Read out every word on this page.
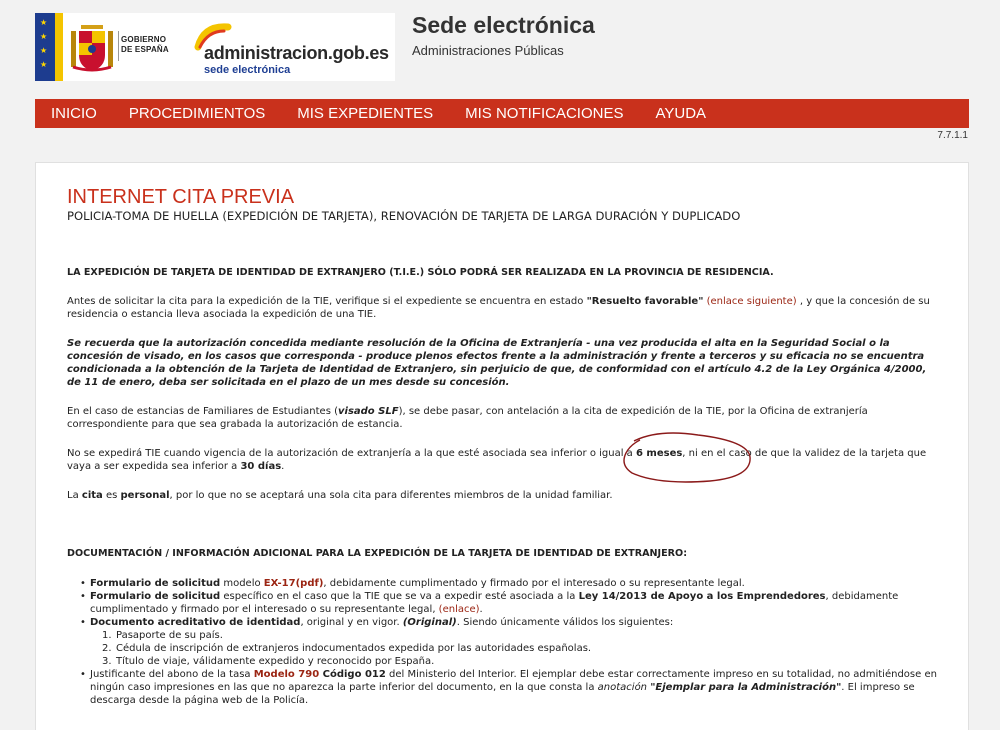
★
★
★
★
GOBIERNO
DE ESPAÑA administracion.gob.es
sede electrónica
Sede electrónica
Administraciones Públicas
INICIO PROCEDIMIENTOS MIS EXPEDIENTES MIS NOTIFICACIONES AYUDA
7.7.1.1
INTERNET CITA PREVIA
POLICIA-TOMA DE HUELLA (EXPEDICIÓN DE TARJETA), RENOVACIÓN DE TARJETA DE LARGA DURACIÓN Y DUPLICADO
LA EXPEDICIÓN DE TARJETA DE IDENTIDAD DE EXTRANJERO (T.I.E.) SÓLO PODRÁ SER REALIZADA EN LA PROVINCIA DE RESIDENCIA.
Antes de solicitar la cita para la expedición de la TIE, verifique si el expediente se encuentra en estado "Resuelto favorable" (enlace siguiente) , y que la concesión de su residencia o estancia lleva asociada la expedición de una TIE.
Se recuerda que la autorización concedida mediante resolución de la Oficina de Extranjería - una vez producida el alta en la Seguridad Social o la concesión de visado, en los casos que corresponda - produce plenos efectos frente a la administración y frente a terceros y su eficacia no se encuentra condicionada a la obtención de la Tarjeta de Identidad de Extranjero, sin perjuicio de que, de conformidad con el artículo 4.2 de la Ley Orgánica 4/2000, de 11 de enero, deba ser solicitada en el plazo de un mes desde su concesión.
En el caso de estancias de Familiares de Estudiantes (visado SLF), se debe pasar, con antelación a la cita de expedición de la TIE, por la Oficina de extranjería correspondiente para que sea grabada la autorización de estancia.
No se expedirá TIE cuando vigencia de la autorización de extranjería a la que esté asociada sea inferior o igual a 6 meses, ni en el caso de que la validez de la tarjeta que vaya a ser expedida sea inferior a 30 días.
La cita es personal, por lo que no se aceptará una sola cita para diferentes miembros de la unidad familiar.
DOCUMENTACIÓN / INFORMACIÓN ADICIONAL PARA LA EXPEDICIÓN DE LA TARJETA DE IDENTIDAD DE EXTRANJERO:
• Formulario de solicitud modelo EX-17(pdf), debidamente cumplimentado y firmado por el interesado o su representante legal.
• Formulario de solicitud específico en el caso que la TIE que se va a expedir esté asociada a la Ley 14/2013 de Apoyo a los Emprendedores, debidamente cumplimentado y firmado por el interesado o su representante legal, (enlace).
• Documento acreditativo de identidad, original y en vigor. (Original). Siendo únicamente válidos los siguientes:
1. Pasaporte de su país.
2. Cédula de inscripción de extranjeros indocumentados expedida por las autoridades españolas.
3. Título de viaje, válidamente expedido y reconocido por España.
• Justificante del abono de la tasa Modelo 790 Código 012 del Ministerio del Interior. El ejemplar debe estar correctamente impreso en su totalidad, no admitiéndose en ningún caso impresiones en las que no aparezca la parte inferior del documento, en la que consta la anotación "Ejemplar para la Administración". El impreso se descarga desde la página web de la Policía.
